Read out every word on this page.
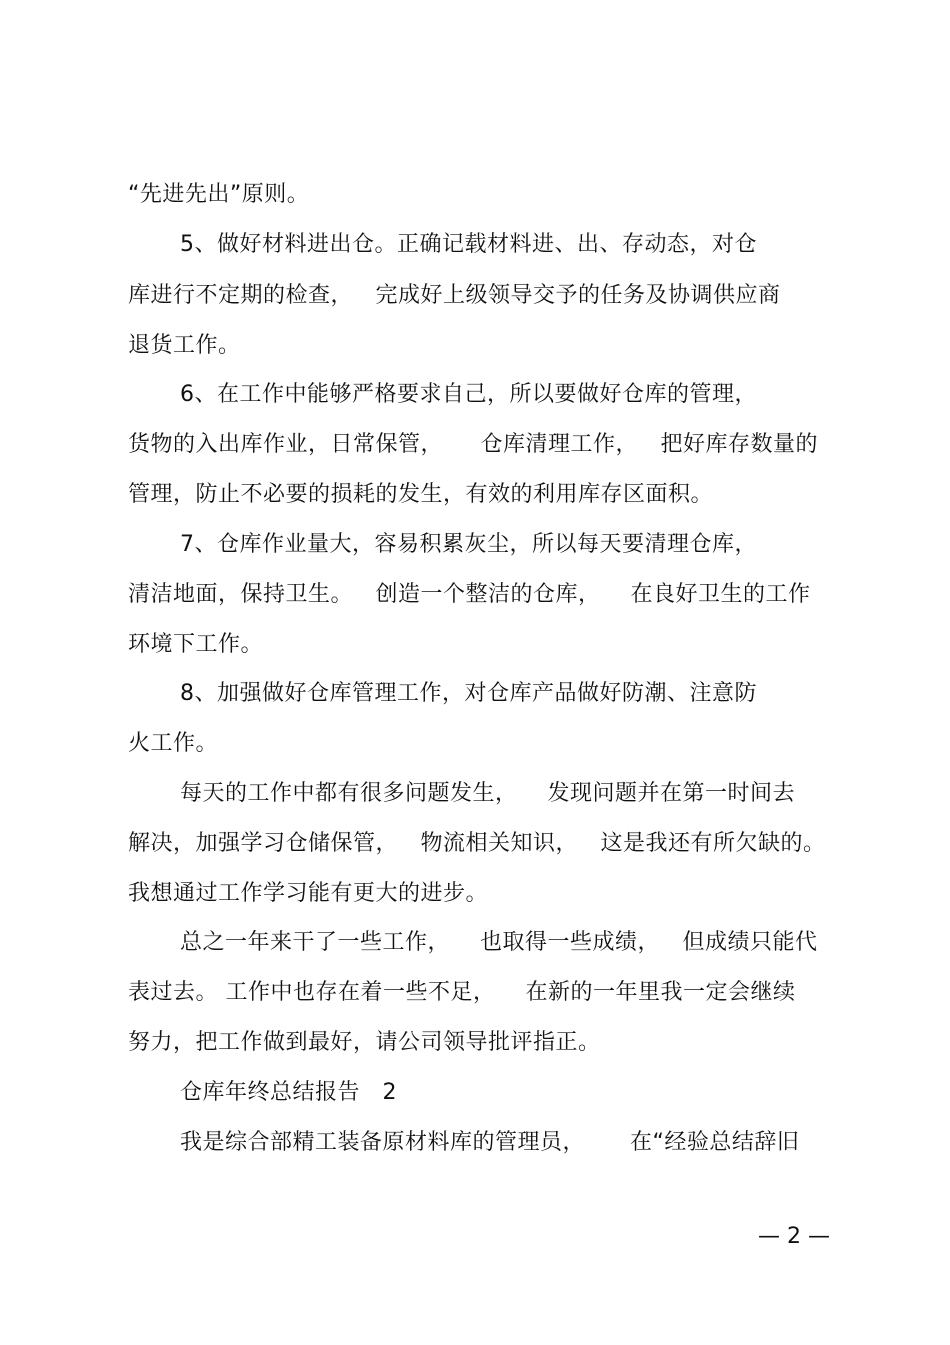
“先进先出”原则。
5、做好材料进出仓。正确记载材料进、出、存动态，对仓
库进行不定期的检查，   完成好上级领导交予的任务及协调供应商
退货工作。
6、在工作中能够严格要求自己，所以要做好仓库的管理，
货物的入出库作业，日常保管，     仓库清理工作，   把好库存数量的
管理，防止不必要的损耗的发生，有效的利用库存区面积。
7、仓库作业量大，容易积累灰尘，所以每天要清理仓库，
清洁地面，保持卫生。   创造一个整洁的仓库，    在良好卫生的工作
环境下工作。
8、加强做好仓库管理工作，对仓库产品做好防潮、注意防
火工作。
每天的工作中都有很多问题发生，    发现问题并在第一时间去
解决，加强学习仓储保管，   物流相关知识，   这是我还有所欠缺的。
我想通过工作学习能有更大的进步。
总之一年来干了一些工作，    也取得一些成绩，   但成绩只能代
表过去。 工作中也存在着一些不足，    在新的一年里我一定会继续
努力，把工作做到最好，请公司领导批评指正。
仓库年终总结报告   2
我是综合部精工装备原材料库的管理员，      在“经验总结辞旧
— 2 —
